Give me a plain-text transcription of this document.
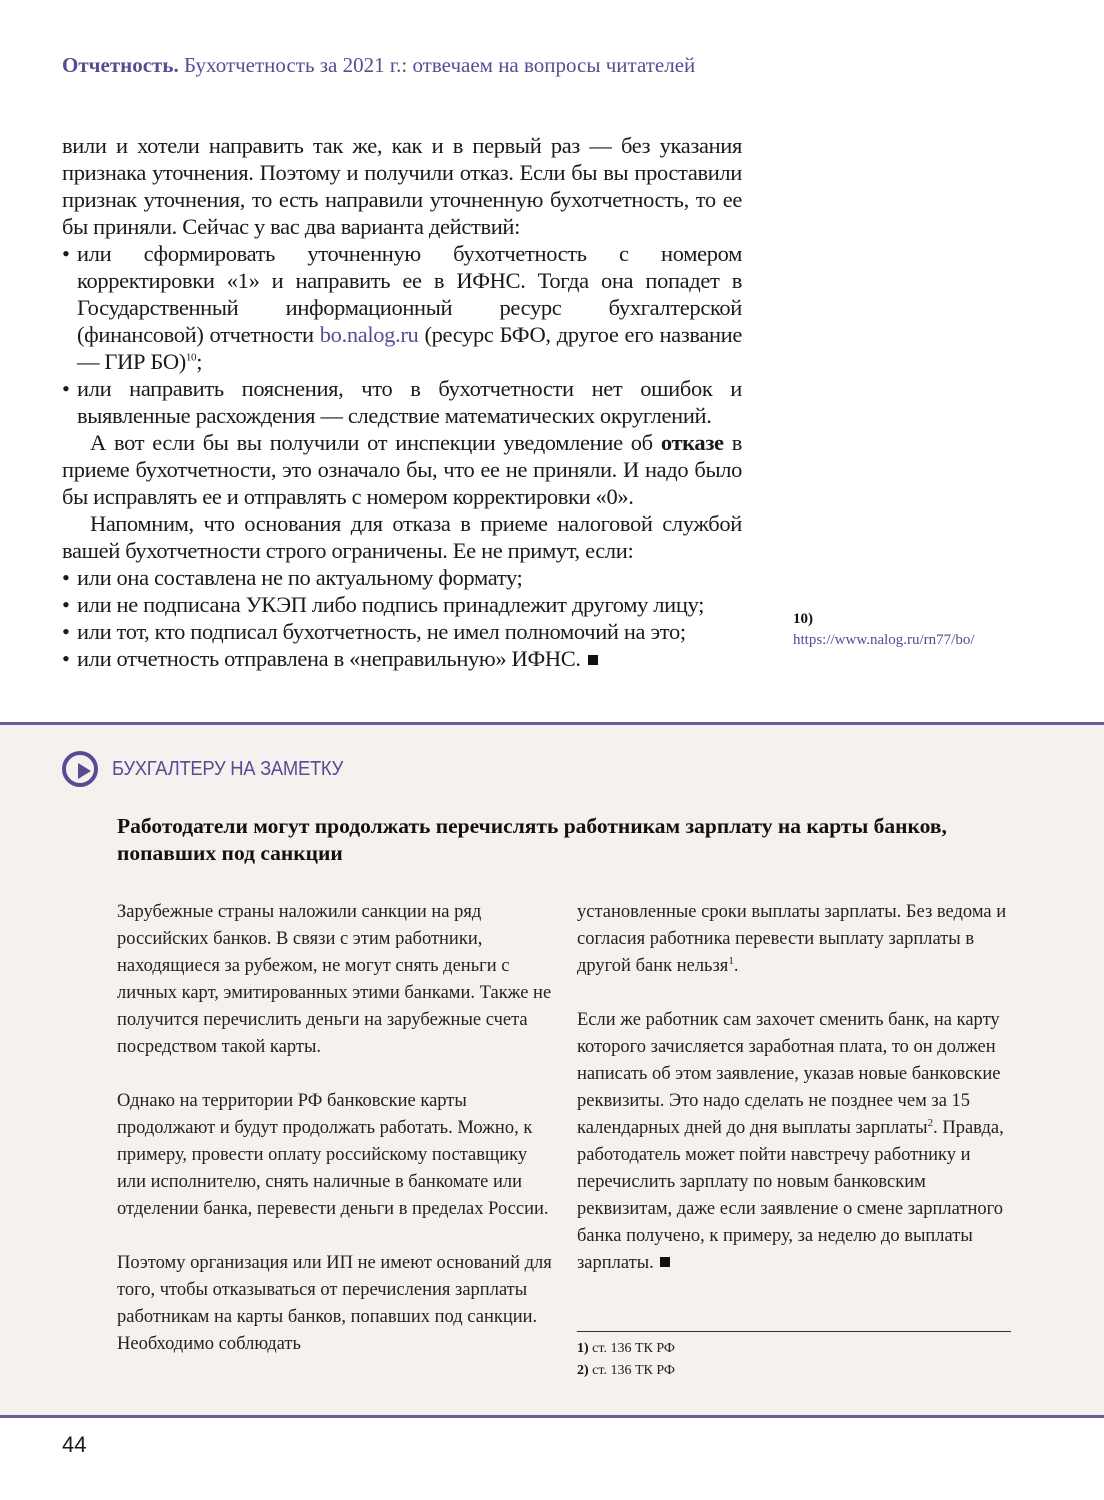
Отчетность. Бухотчетность за 2021 г.: отвечаем на вопросы читателей

вили и хотели направить так же, как и в первый раз — без указания признака уточнения. Поэтому и получили отказ. Если бы вы проставили признак уточнения, то есть направили уточненную бухотчетность, то ее бы приняли. Сейчас у вас два варианта действий:

• или сформировать уточненную бухотчетность с номером корректировки «1» и направить ее в ИФНС. Тогда она попадет в Государственный информационный ресурс бухгалтерской (финансовой) отчетности bo.nalog.ru (ресурс БФО, другое его название — ГИР БО)$^{10}$;
• или направить пояснения, что в бухотчетности нет ошибок и выявленные расхождения — следствие математических округлений.

А вот если бы вы получили от инспекции уведомление об отказе в приеме бухотчетности, это означало бы, что ее не приняли. И надо было бы исправлять ее и отправлять с номером корректировки «0».

Напомним, что основания для отказа в приеме налоговой службой вашей бухотчетности строго ограничены. Ее не примут, если:

• или она составлена не по актуальному формату;
• или не подписана УКЭП либо подпись принадлежит другому лицу;
• или тот, кто подписал бухотчетность, не имел полномочий на это;
• или отчетность отправлена в «неправильную» ИФНС.
10) https://www.nalog.ru/rn77/bo/
БУХГАЛТЕРУ НА ЗАМЕТКУ
Работодатели могут продолжать перечислять работникам зарплату на карты банков, попавших под санкции

Зарубежные страны наложили санкции на ряд российских банков. В связи с этим работники, находящиеся за рубежом, не могут снять деньги с личных карт, эмитированных этими банками. Также не получится перечислить деньги на зарубежные счета посредством такой карты.

Однако на территории РФ банковские карты продолжают и будут продолжать работать. Можно, к примеру, провести оплату российскому поставщику или исполнителю, снять наличные в банкомате или отделении банка, перевести деньги в пределах России.

Поэтому организация или ИП не имеют оснований для того, чтобы отказываться от перечисления зарплаты работникам на карты банков, попавших под санкции. Необходимо соблюдать

установленные сроки выплаты зарплаты. Без ведома и согласия работника перевести выплату зарплаты в другой банк нельзя$^1$.

Если же работник сам захочет сменить банк, на карту которого зачисляется заработная плата, то он должен написать об этом заявление, указав новые банковские реквизиты. Это надо сделать не позднее чем за 15 календарных дней до дня выплаты зарплаты$^2$. Правда, работодатель может пойти навстречу работнику и перечислить зарплату по новым банковским реквизитам, даже если заявление о смене зарплатного банка получено, к примеру, за неделю до выплаты зарплаты.

1) ст. 136 ТК РФ
2) ст. 136 ТК РФ
44
